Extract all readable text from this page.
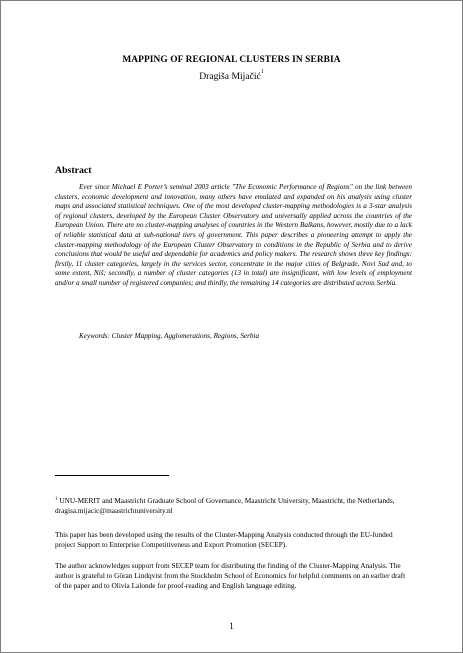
MAPPING OF REGIONAL CLUSTERS IN SERBIA
Dragiša Mijačić$^1$
Abstract
Ever since Michael E Porter’s seminal 2003 article "The Economic Performance of Regions" on the link between clusters, economic development and innovation, many others have emulated and expanded on his analysis using cluster maps and associated statistical techniques. One of the most developed cluster-mapping methodologies is a 3-star analysis of regional clusters, developed by the European Cluster Observatory and universally applied across the countries of the European Union. There are no cluster-mapping analyses of countries in the Western Balkans, however, mostly due to a lack of reliable statistical data at sub-national tiers of government. This paper describes a pioneering attempt to apply the cluster-mapping methodology of the European Cluster Observatory to conditions in the Republic of Serbia and to derive conclusions that would be useful and dependable for academics and policy makers. The research shows three key findings: firstly, 11 cluster categories, largely in the services sector, concentrate in the major cities of Belgrade, Novi Sad and, to some extent, Niš; secondly, a number of cluster categories (13 in total) are insignificant, with low levels of employment and/or a small number of registered companies; and thirdly, the remaining 14 categories are distributed across Serbia.
Keywords: Cluster Mapping, Agglomerations, Regions, Serbia
$^1$ UNU-MERIT and Maastricht Graduate School of Governance, Maastricht University, Maastricht, the Netherlands, dragisa.mijacic@maastrichtuniversity.nl
This paper has been developed using the results of the Cluster-Mapping Analysis conducted through the EU-funded project Support to Enterprise Competitiveness and Export Promotion (SECEP).
The author acknowledges support from SECEP team for distributing the finding of the Cluster-Mapping Analysis. The author is grateful to Göran Lindqvist from the Stockholm School of Economics for helpful comments on an earlier draft of the paper and to Olivia Lalonde for proof-reading and English language editing.
1
